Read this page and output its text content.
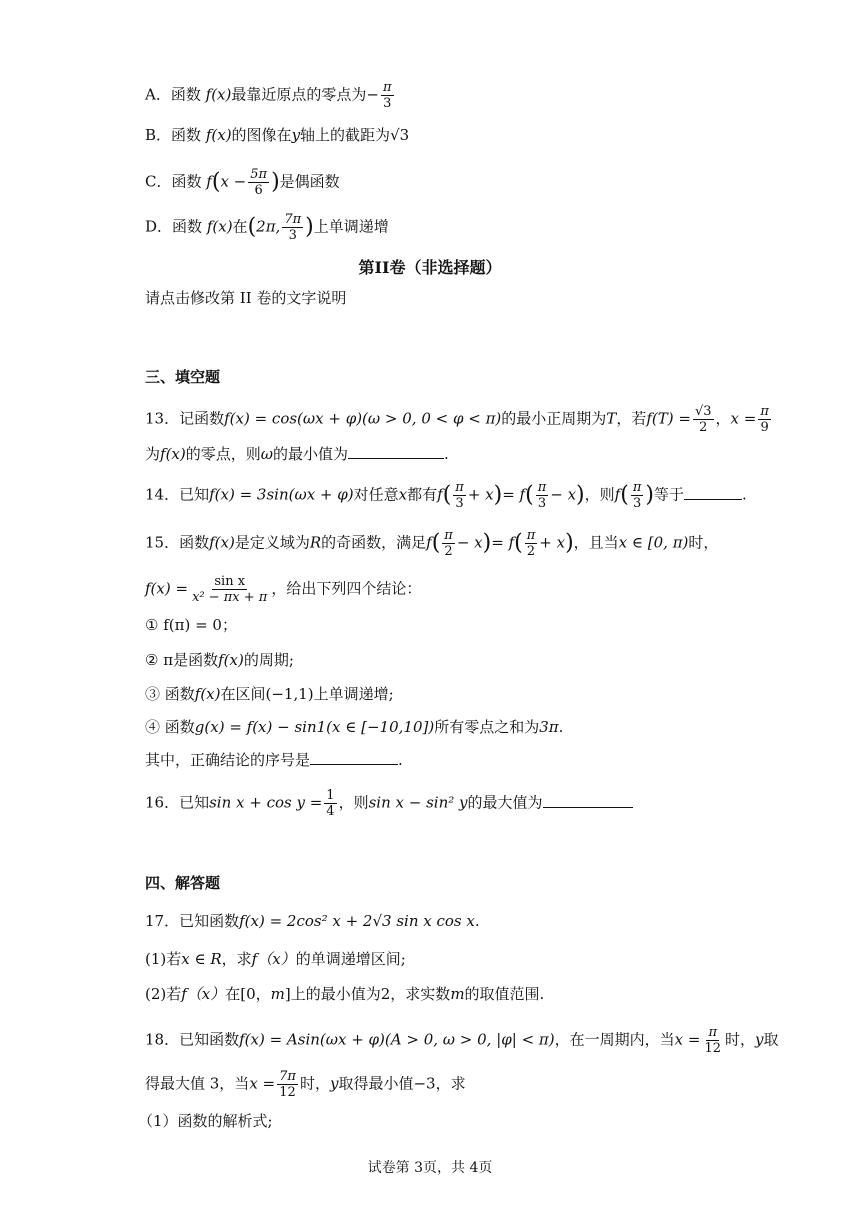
A．函数 f(x)最靠近原点的零点为− $\frac{\pi}{3}$
B．函数 f(x)的图像在y轴上的截距为√3
C．函数 $f(x - \frac{5\pi}{6}$ )是偶函数
D．函数 f(x)在(2π, $\frac{7\pi}{3}$ )上单调递增
第II卷（非选择题）
请点击修改第 II 卷的文字说明
三、填空题
13．记函数f(x) = cos(ωx + φ)(ω > 0, 0 < φ < π)的最小正周期为T，若$f(T) = \frac{√3}{2}$ ，$x = \frac{\pi}{9}$
为f(x)的零点，则ω的最小值为	.
14．已知f(x) = 3sin(ωx + φ)对任意x都有$f( \frac{\pi}{3} + x)= f( \frac{\pi}{3} - x)$，则$f( \frac{\pi}{3}$ )等于	.
15．函数f(x)是定义域为R的奇函数，满足$f( \frac{\pi}{2} - x)= f( \frac{\pi}{2} + x)$，且当x ∈ [0, π)时，
$f(x) = \frac{\text{sin x}}{\text{x² − πx + π}}$ ，给出下列四个结论：
① f(π) = 0；
② π是函数f(x)的周期;
③ 函数f(x)在区间(−1,1)上单调递增;
④ 函数g(x) = f(x) − sin1(x ∈ [−10,10])所有零点之和为3π.
其中，正确结论的序号是	.
16．已知$\sin x + \cos y = \frac{1}{4}$ ，则sin x − sin² y的最大值为
四、解答题
17．已知函数f(x) = 2cos² x + 2√3 sin x cos x.
(1)若x ∈ R，求f（x）的单调递增区间;
(2)若f（x）在[0，m]上的最小值为2，求实数m的取值范围.
18．已知函数f(x) = Asin(ωx + φ)(A > 0, ω > 0, |φ| < π)，在一周期内，当$x = \frac{\pi}{12}$ 时，y取
得最大值 3，当$x = \frac{7\pi}{12}$ 时，y取得最小值−3，求
（1）函数的解析式;
试卷第 3页，共 4页
